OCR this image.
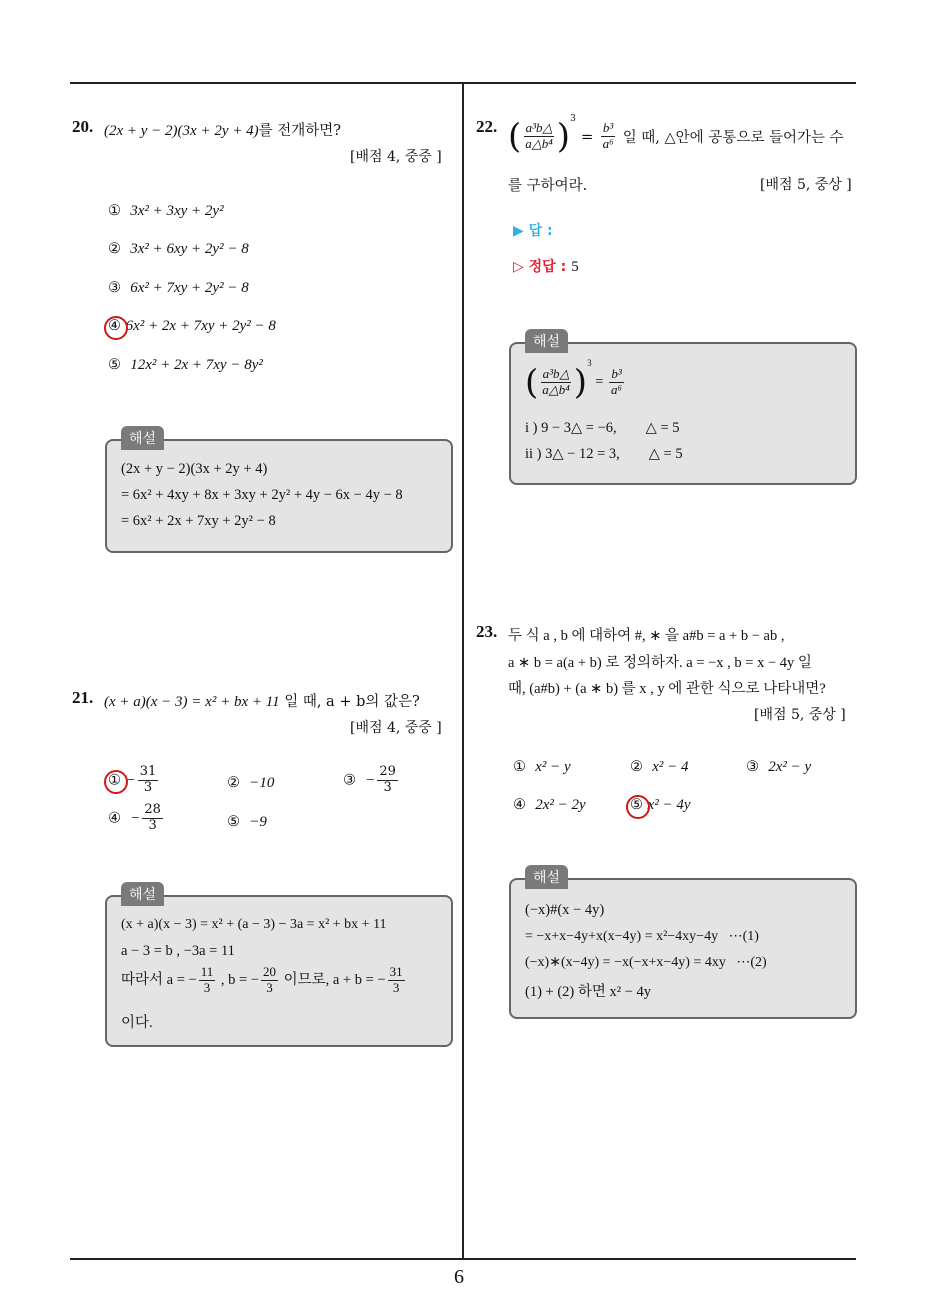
6
20. (2x + y − 2)(3x + 2y + 4)를 전개하면?
[배점 4, 중중 ]
① 3x² + 3xy + 2y²
② 3x² + 6xy + 2y² − 8
③ 6x² + 7xy + 2y² − 8
④ 6x² + 2x + 7xy + 2y² − 8
⑤ 12x² + 2x + 7xy − 8y²
해설
(2x + y − 2)(3x + 2y + 4)
= 6x² + 4xy + 8x + 3xy + 2y² + 4y − 6x − 4y − 8
= 6x² + 2x + 7xy + 2y² − 8
21. (x + a)(x − 3) = x² + bx + 11 일 때, a + b의 값은?
[배점 4, 중중 ]
① − $\frac{31}{3}$	② −10	③ − $\frac{29}{3}$
④ − $\frac{28}{3}$	⑤ −9
해설
(x + a)(x − 3) = x² + (a − 3) − 3a = x² + bx + 11
a − 3 = b , −3a = 11
따라서 a = − $\frac{11}{3}$ , b = − $\frac{20}{3}$ 이므로, a + b = − $\frac{31}{3}$
이다.
22. ( $\frac{\text{a³b△}}{\text{a△b⁴}} )^3 = \frac{\text{b³}}{\text{a⁶}}$ 일 때, △안에 공통으로 들어가는 수
를 구하여라.	[배점 5, 중상 ]
▶ 답 :
▷ 정답 : 5
해설
( $\frac{\text{a³b△}}{\text{a△b⁴}} )^3 = \frac{\text{b³}}{\text{a⁶}}$
i ) 9 − 3△ = −6,        △ = 5
ii ) 3△ − 12 = 3,        △ = 5
23. 두 식 a , b 에 대하여 #, ∗ 을 a#b = a + b − ab ,
a ∗ b = a(a + b) 로 정의하자. a = −x , b = x − 4y 일
때, (a#b) + (a ∗ b) 를 x , y 에 관한 식으로 나타내면?
[배점 5, 중상 ]
① x² − y	② x² − 4	③ 2x² − y
④ 2x² − 2y	⑤ x² − 4y
해설
(−x)#(x − 4y)
= −x+x−4y+x(x−4y) = x²−4xy−4y   ⋯(1)
(−x)∗(x−4y) = −x(−x+x−4y) = 4xy   ⋯(2)
(1) + (2) 하면 x² − 4y
